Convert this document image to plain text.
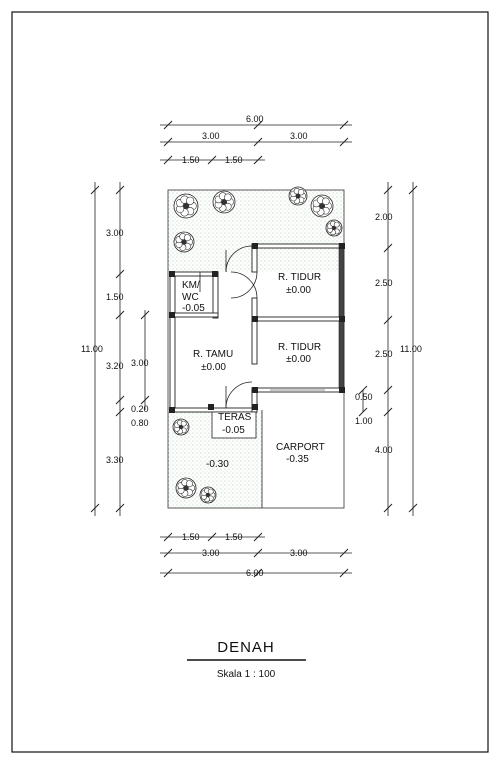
KM/
WC
-0.05
R. TIDUR
±0.00
R. TIDUR
±0.00
R. TAMU
±0.00
TERAS
-0.05
-0.30
CARPORT
-0.35
6.00
3.00	3.00
1.50	1.50
1.50	1.50
3.00	3.00
6.00
11.00
3.00
1.50
3.20 3.00
0.20
0.80
3.30
2.00
2.50
2.50 11.00
0.50
1.00
4.00
DENAH
Skala 1 : 100
